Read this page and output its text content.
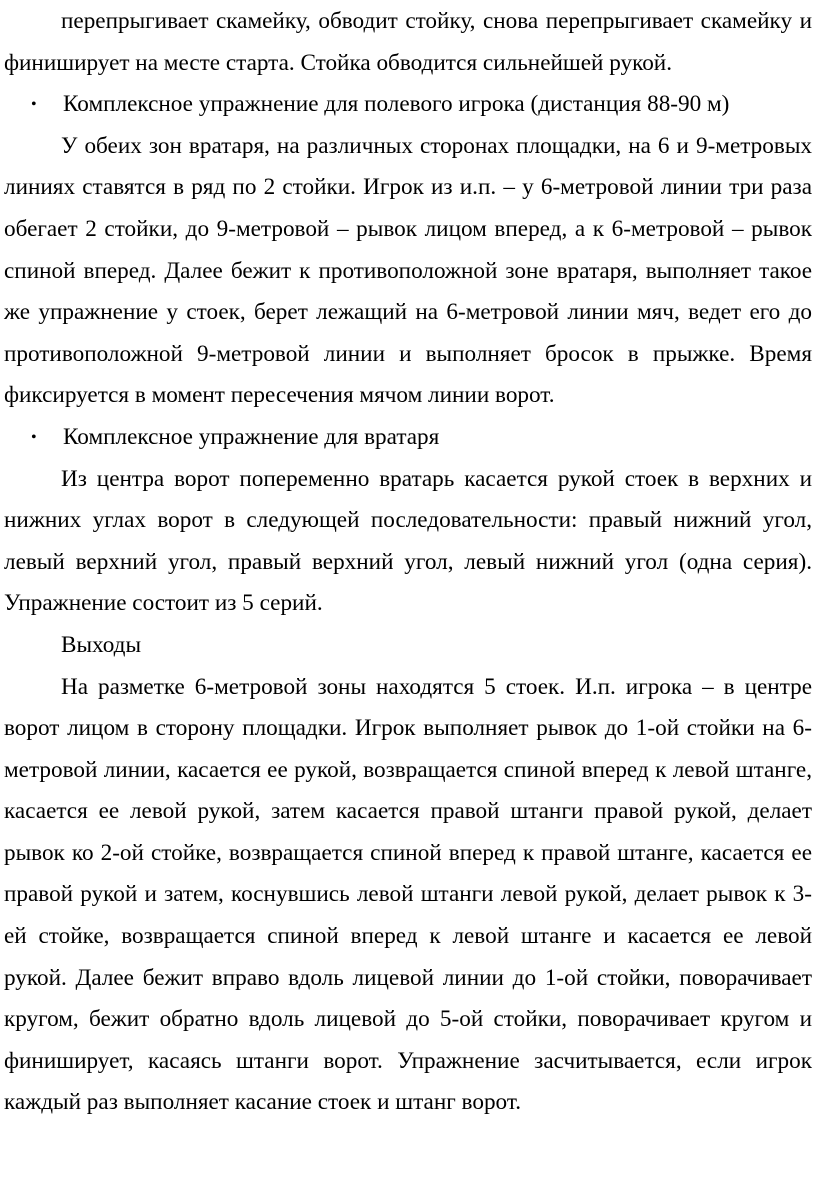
перепрыгивает скамейку, обводит стойку, снова перепрыгивает скамейку и финиширует на месте старта. Стойка обводится сильнейшей рукой.

• Комплексное упражнение для полевого игрока (дистанция 88-90 м)

У обеих зон вратаря, на различных сторонах площадки, на 6 и 9-метровых линиях ставятся в ряд по 2 стойки. Игрок из и.п. – у 6-метровой линии три раза обегает 2 стойки, до 9-метровой – рывок лицом вперед, а к 6-метровой – рывок спиной вперед. Далее бежит к противоположной зоне вратаря, выполняет такое же упражнение у стоек, берет лежащий на 6-метровой линии мяч, ведет его до противоположной 9-метровой линии и выполняет бросок в прыжке. Время фиксируется в момент пересечения мячом линии ворот.

• Комплексное упражнение для вратаря

Из центра ворот попеременно вратарь касается рукой стоек в верхних и нижних углах ворот в следующей последовательности: правый нижний угол, левый верхний угол, правый верхний угол, левый нижний угол (одна серия). Упражнение состоит из 5 серий.

Выходы

На разметке 6-метровой зоны находятся 5 стоек. И.п. игрока – в центре ворот лицом в сторону площадки. Игрок выполняет рывок до 1-ой стойки на 6-метровой линии, касается ее рукой, возвращается спиной вперед к левой штанге, касается ее левой рукой, затем касается правой штанги правой рукой, делает рывок ко 2-ой стойке, возвращается спиной вперед к правой штанге, касается ее правой рукой и затем, коснувшись левой штанги левой рукой, делает рывок к 3-ей стойке, возвращается спиной вперед к левой штанге и касается ее левой рукой. Далее бежит вправо вдоль лицевой линии до 1-ой стойки, поворачивает кругом, бежит обратно вдоль лицевой до 5-ой стойки, поворачивает кругом и финиширует, касаясь штанги ворот. Упражнение засчитывается, если игрок каждый раз выполняет касание стоек и штанг ворот.
